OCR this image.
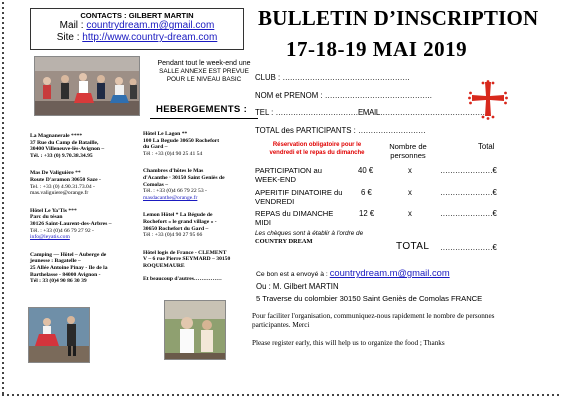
CONTACTS : GILBERT MARTIN
Mail : countrydream.m@gmail.com
Site : http://www.country-dream.com
BULLETIN D’INSCRIPTION
17-18-19 MAI 2019
Pendant tout le week-end une
SALLE ANNEXE EST PREVUE
POUR LE NIVEAU BASIC
HEBERGEMENTS :
La Magnanerale ****
37 Rue du Camp de Bataille,
30400 Villeneuve-lès-Avignon –
Tél. : +33 (0) 9.70.38.34.95
Mas De Valiguière **
Route D'aramon 30650 Saze -
Tel. : +33 (0) 4.90.31.73.04 -
mas.valiguiere@orange.fr
Hôtel Le Ya'Tis ***
Parc du tésan
30126 Saint-Laurent-des-Arbres –
Tél. : +33 (0)4 66 79 27 92 -
info@leyatis.com
Camping — Hôtel – Auberge de
jeunesse : Bagatelle –
25 Allée Antoine Pinay - Ile de la
Barthelasse - 84000 Avignon -
Tél : 33 (0)4 90 86 30 39
Hôtel Le Lagon **
100 La Begude 30650 Rochefort
du Gard –
Tél : +33 (0)4 90 25 41 54
Chambres d'hôtes le Mas
d'Acanthe · 30150 Saint Geniès de
Comolas –
Tél. : +33 (0)4 66 79 22 53 -
masdacanthe@orange.fr
Lemon Hôtel * La Bégude de
Rochefort » le grand village » -
30650 Rochefort du Gard –
Tél : +33 (0)4 90 27 95 66
Hôtel logis de France - CLEMENT
V – 6 rue Pierre SEYMARD – 30150
ROQUEMAURE
Et beaucoup d'autres……………
CLUB : ……………………………………………
NOM et PRENOM : …………………………………….
TEL : ……………………………EMAIL……………………………………
TOTAL des PARTICIPANTS : ………………………
Réservation obligatoire pour le
vendredi et le repas du dimanche
Nombre de
personnes
Total
PARTICIPATION au
WEEK-END
40 €	x	…………………€
APERITIF DINATOIRE du
VENDREDI
6 €	x	…………………€
REPAS du DIMANCHE
MIDI
12 €	x	…………………€
Les chèques sont à établir à l'ordre de
COUNTRY DREAM	TOTAL …………………€
Ce bon est a envoyé à : countrydream.m@gmail.com
Ou : M. Gilbert MARTIN
5 Traverse du colombier 30150 Saint Geniès de Comolas FRANCE
Pour faciliter l'organisation, communiquez-nous rapidement le nombre de personnes
participantes. Merci
Please register early, this will help us to organize the food ; Thanks
